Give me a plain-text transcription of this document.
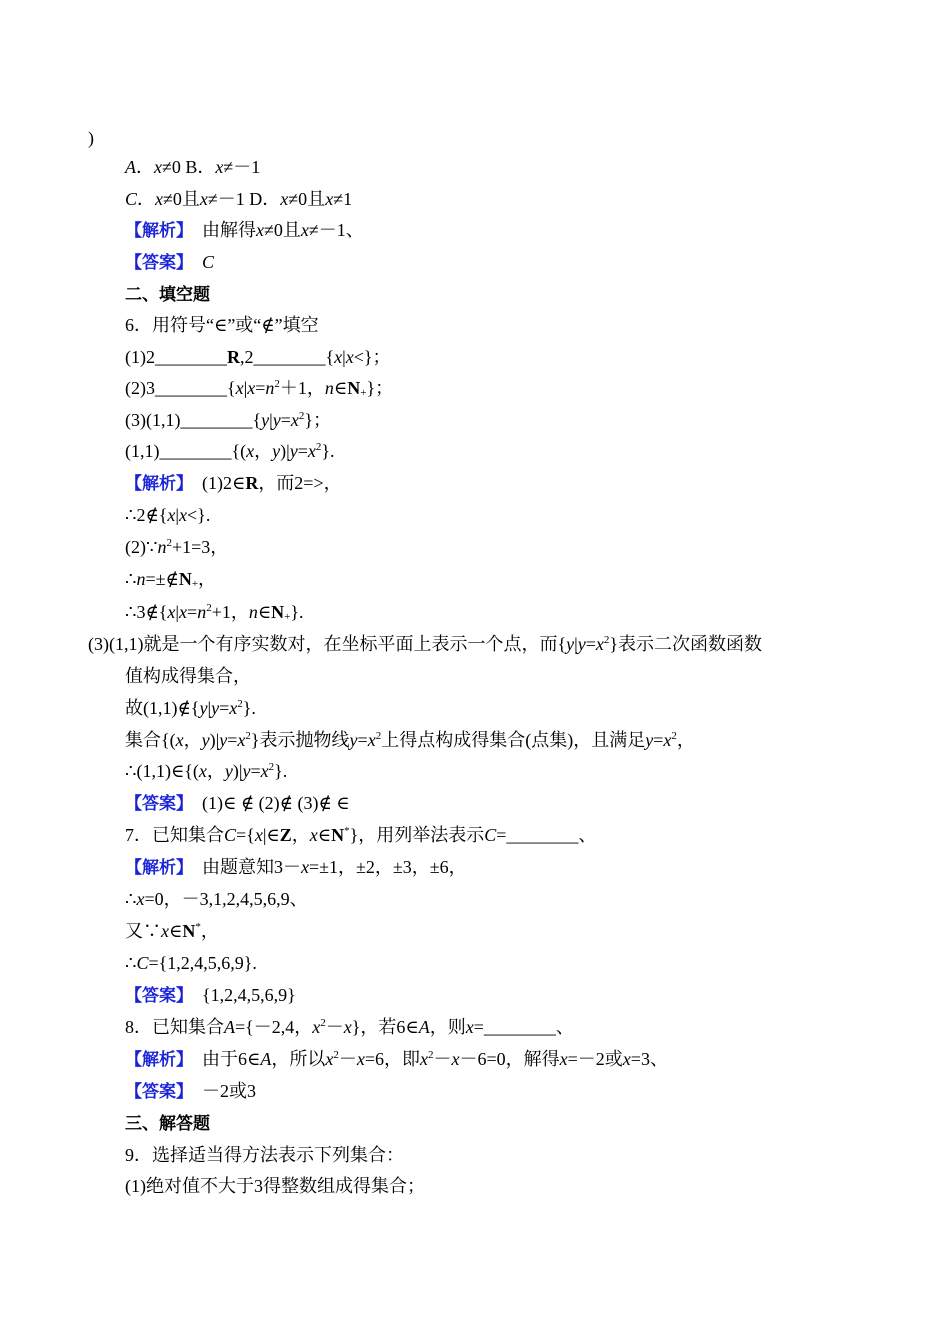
)
A．x≠0 B．x≠－1
C．x≠0且x≠－1 D．x≠0且x≠1
【解析】  由解得x≠0且x≠－1、
【答案】 C
二、填空题
6．用符号“∈”或“∉”填空
(1)2________R,2________{x|x<}；
$(2)3\_\_\_\_\_\_\_\_\{x|x=n^2+1$，$n\in N_+$}；
$(3)(1,1)\_\_\_\_\_\_\_\_\{y|y=x^2\}$；
(1,1)________{(x，$y)|y=x^2$}.
【解析】  (1)2∈R，而2=>，
∴2∉{x|x<}.
$(2)\because n^2+1=3$，
$\therefore n=\pm\notin N_+$，
$\therefore 3\notin\{x|x=n^2+1$，$n\in N_+$}.
(3)(1,1)就是一个有序实数对，在坐标平面上表示一个点，而$\{y|y=x^2\}$表示二次函数函数
值构成得集合，
故$(1,1)\notin\{y|y=x^2\}$.
集合{(x，$y)|y=x^2$}表示抛物线$y=x^2$上得点构成得集合(点集)，且满足$y=x^2$，
∴(1,1)∈{(x，$y)|y=x^2$}.
【答案】  (1)∈ ∉ (2)∉ (3)∉ ∈
7．已知集合C={x|∈Z，x∈N*}，用列举法表示C=________、
【解析】  由题意知3－x=±1，±2，±3，±6，
∴x=0，－3,1,2,4,5,6,9、
又∵x∈N*，
∴C={1,2,4,5,6,9}.
【答案】  {1,2,4,5,6,9}
8．已知集合A={－2,4，$x^2-x$}，若6∈A，则x=________、
【解析】  由于6∈A，所以$x^2-x=6$，即$x^2-x-6=0$，解得x=－2或x=3、
【答案】  －2或3
三、解答题
9．选择适当得方法表示下列集合：
(1)绝对值不大于3得整数组成得集合；
